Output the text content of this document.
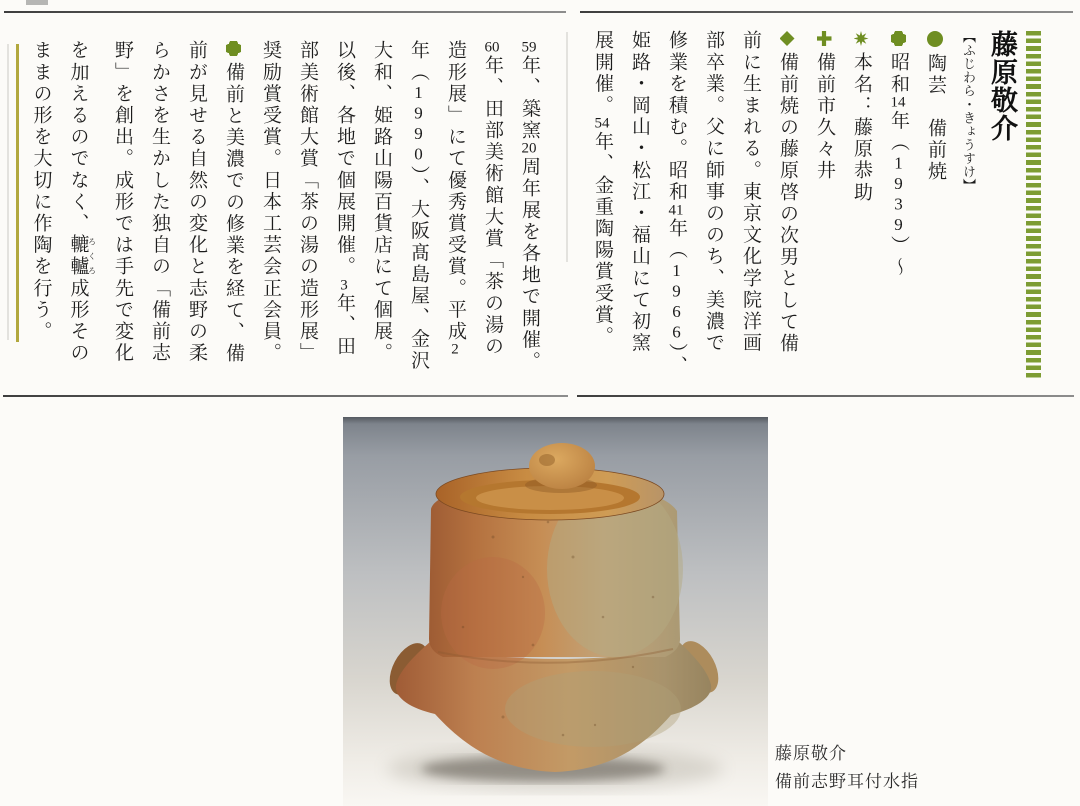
藤原敬介
【ふじわら・きょうすけ】
陶芸　備前焼
昭和14年（1939）〜
本名：藤原恭助
備前市久々井
備前焼の藤原啓の次男として備
前に生まれる。東京文化学院洋画
部卒業。父に師事ののち、美濃で
修業を積む。昭和41年（1966）、
姫路・岡山・松江・福山にて初窯
展開催。54年、金重陶陽賞受賞。
59年、築窯20周年展を各地で開催。
60年、田部美術館大賞「茶の湯の
造形展」にて優秀賞受賞。平成2
年（1990）、大阪髙島屋、金沢
大和、姫路山陽百貨店にて個展。
以後、各地で個展開催。3年、田
部美術館大賞「茶の湯の造形展」
奨励賞受賞。日本工芸会正会員。
備前と美濃での修業を経て、備
前が見せる自然の変化と志野の柔
らかさを生かした独自の「備前志
野」を創出。成形では手先で変化
を加えるのでなく、轆轤 ろくろ成形その
ままの形を大切に作陶を行う。
藤原敬介
備前志野耳付水指
